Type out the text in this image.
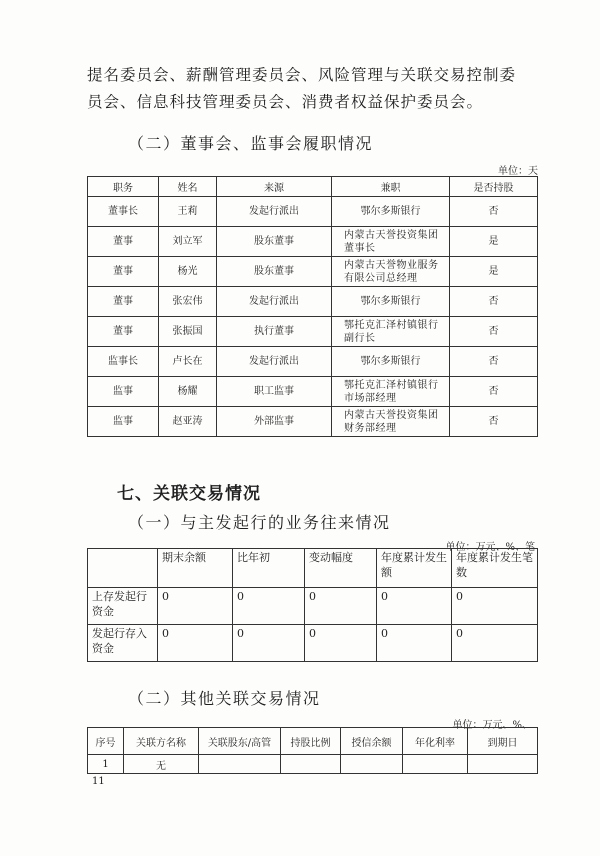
提名委员会、薪酬管理委员会、风险管理与关联交易控制委
员会、信息科技管理委员会、消费者权益保护委员会。
（二）董事会、监事会履职情况
单位：天
职务	姓名	来源	兼职	是否持股
董事长	王莉	发起行派出	鄂尔多斯银行	否
董事	刘立军	股东董事	内蒙古天誉投资集团董事长	是
董事	杨光	股东董事	内蒙古天誉物业服务有限公司总经理	是
董事	张宏伟	发起行派出	鄂尔多斯银行	否
董事	张振国	执行董事	鄂托克汇泽村镇银行副行长	否
监事长	卢长在	发起行派出	鄂尔多斯银行	否
监事	杨耀	职工监事	鄂托克汇泽村镇银行市场部经理	否
监事	赵亚涛	外部监事	内蒙古天誉投资集团财务部经理	否
七、关联交易情况
（一）与主发起行的业务往来情况
单位：万元、%、笔
	期末余额	比年初	变动幅度	年度累计发生额	年度累计发生笔数
上存发起行资金	0	0	0	0	0
发起行存入资金	0	0	0	0	0
（二）其他关联交易情况
单位：万元、%、
序号	关联方名称	关联股东/高管	持股比例	授信余额	年化利率	到期日
1	无					
11
